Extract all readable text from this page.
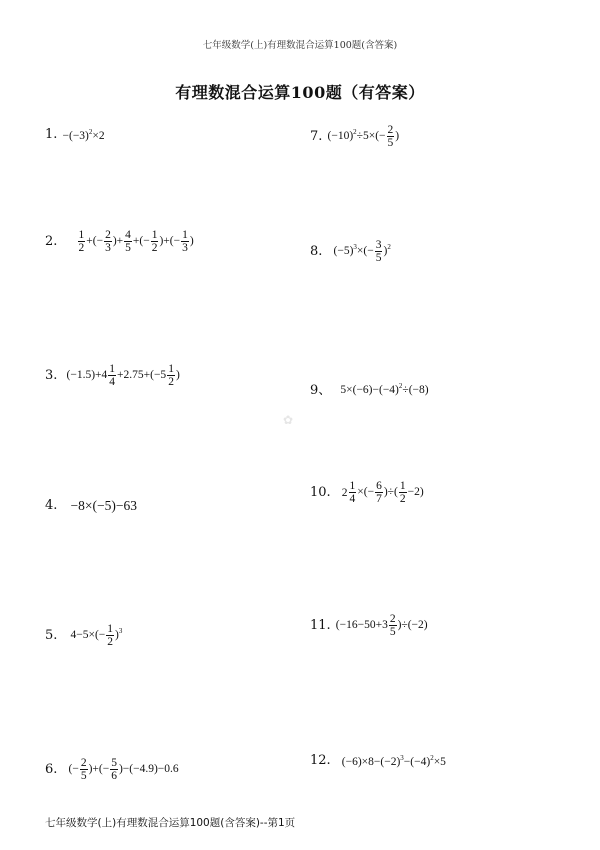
七年级数学(上)有理数混合运算100题(含答案)
有理数混合运算100题（有答案）
✿
1. $-(-3)^2\times 2$
2. $\frac{1}{2}$ +(− $\frac{2}{3}$ )+ $\frac{4}{5}$ +(− $\frac{1}{2}$ )+(− $\frac{1}{3}$ )
3. $(-1.5)+4 \frac{1}{4} +2.75+(-5 \frac{1}{2}$ )
4. −8×(−5)−63
5. $4-5\times(- \frac{1}{2} )^3$
6. (− $\frac{2}{5}$ )+(− $\frac{5}{6} )-(-4.9)-0.6$
7. $(-10)^2\div 5\times(- \frac{2}{5}$ )
8. $(-5)^3\times(- \frac{3}{5} )^2$
9、 $5\times(-6)-(-4)^2\div(-8)$
10. $2 \frac{1}{4}$ ×(− $\frac{6}{7}$ )÷( $\frac{1}{2} -2$)
11. $(-16-50+3 \frac{2}{5} )\div(-2)$
12. $(-6)\times 8-(-2)^3-(-4)^2\times 5$
七年级数学(上)有理数混合运算100题(含答案)--第1页
